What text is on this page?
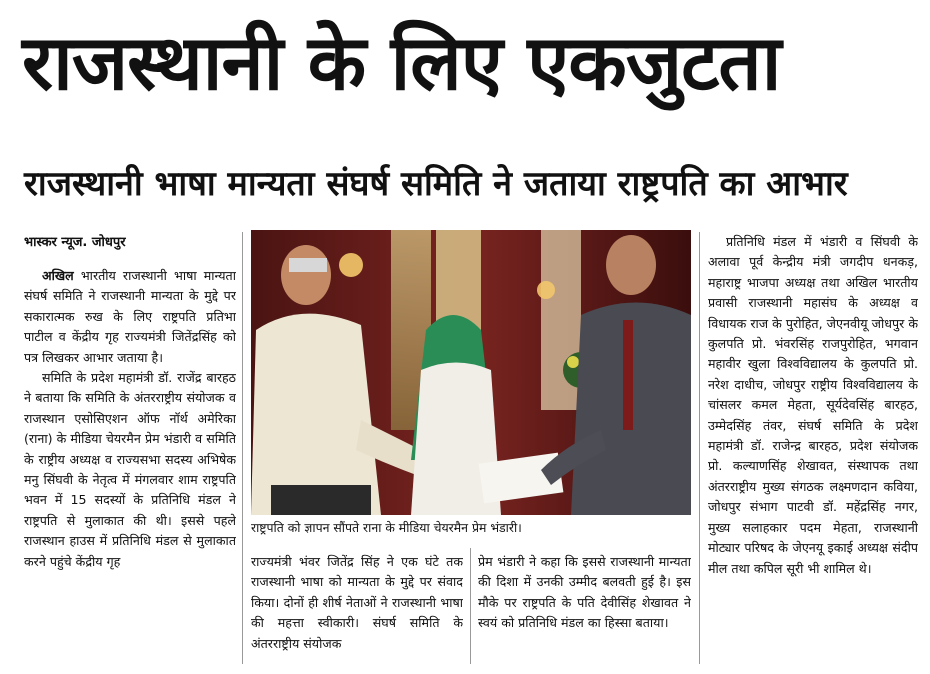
राजस्थानी के लिए एकजुटता
राजस्थानी भाषा मान्यता संघर्ष समिति ने जताया राष्ट्रपति का आभार

भास्कर न्यूज. जोधपुर

अखिल भारतीय राजस्थानी भाषा मान्यता संघर्ष समिति ने राजस्थानी मान्यता के मुद्दे पर सकारात्मक रुख के लिए राष्ट्रपति प्रतिभा पाटील व केंद्रीय गृह राज्यमंत्री जितेंद्रसिंह को पत्र लिखकर आभार जताया है।

समिति के प्रदेश महामंत्री डॉ. राजेंद्र बारहठ ने बताया कि समिति के अंतरराष्ट्रीय संयोजक व राजस्थान एसोसिएशन ऑफ नॉर्थ अमेरिका (राना) के मीडिया चेयरमैन प्रेम भंडारी व समिति के राष्ट्रीय अध्यक्ष व राज्यसभा सदस्य अभिषेक मनु सिंघवी के नेतृत्व में मंगलवार शाम राष्ट्रपति भवन में 15 सदस्यों के प्रतिनिधि मंडल ने राष्ट्रपति से मुलाकात की थी। इससे पहले राजस्थान हाउस में प्रतिनिधि मंडल से मुलाकात करने पहुंचे केंद्रीय गृह

राष्ट्रपति को ज्ञापन सौंपते राना के मीडिया चेयरमैन प्रेम भंडारी।

राज्यमंत्री भंवर जितेंद्र सिंह ने एक घंटे तक राजस्थानी भाषा को मान्यता के मुद्दे पर संवाद किया। दोनों ही शीर्ष नेताओं ने राजस्थानी भाषा की महत्ता स्वीकारी। संघर्ष समिति के अंतरराष्ट्रीय संयोजक

प्रेम भंडारी ने कहा कि इससे राजस्थानी मान्यता की दिशा में उनकी उम्मीद बलवती हुई है। इस मौके पर राष्ट्रपति के पति देवीसिंह शेखावत ने स्वयं को प्रतिनिधि मंडल का हिस्सा बताया।

प्रतिनिधि मंडल में भंडारी व सिंघवी के अलावा पूर्व केन्द्रीय मंत्री जगदीप धनकड़, महाराष्ट्र भाजपा अध्यक्ष तथा अखिल भारतीय प्रवासी राजस्थानी महासंघ के अध्यक्ष व विधायक राज के पुरोहित, जेएनवीयू जोधपुर के कुलपति प्रो. भंवरसिंह राजपुरोहित, भगवान महावीर खुला विश्वविद्यालय के कुलपति प्रो. नरेश दाधीच, जोधपुर राष्ट्रीय विश्वविद्यालय के चांसलर कमल मेहता, सूर्यदेवसिंह बारहठ, उम्मेदसिंह तंवर, संघर्ष समिति के प्रदेश महामंत्री डॉ. राजेन्द्र बारहठ, प्रदेश संयोजक प्रो. कल्याणसिंह शेखावत, संस्थापक तथा अंतरराष्ट्रीय मुख्य संगठक लक्ष्मणदान कविया, जोधपुर संभाग पाटवी डॉ. महेंद्रसिंह नगर, मुख्य सलाहकार पदम मेहता, राजस्थानी मोट्यार परिषद के जेएनयू इकाई अध्यक्ष संदीप मील तथा कपिल सूरी भी शामिल थे।
